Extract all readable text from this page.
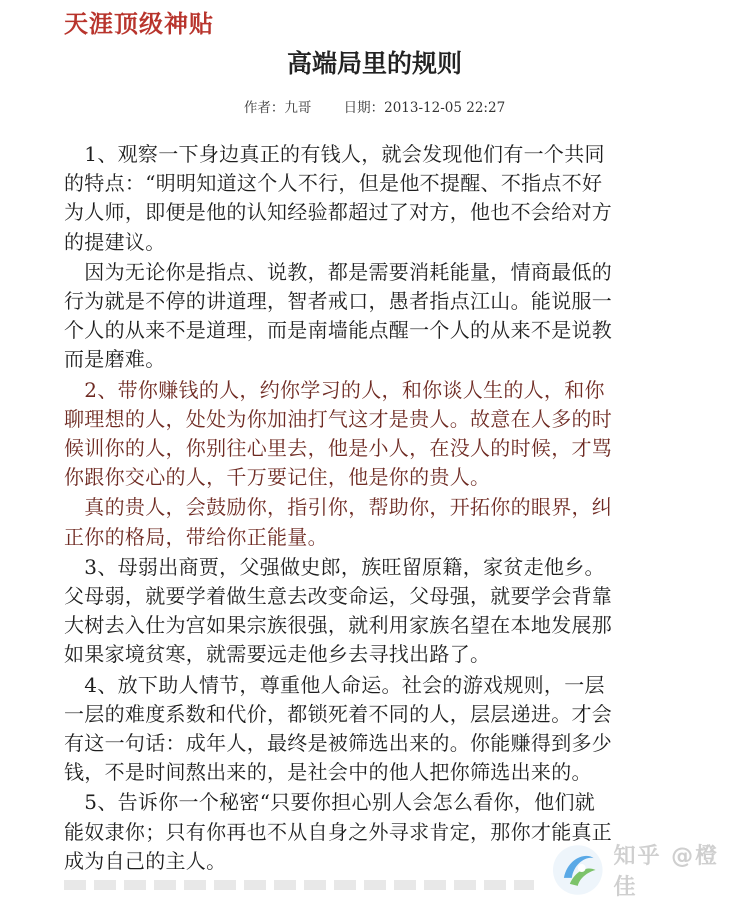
天涯顶级神贴
高端局里的规则
作者：九哥 日期：2013-12-05 22:27

　1、观察一下身边真正的有钱人，就会发现他们有一个共同
的特点：“明明知道这个人不行，但是他不提醒、不指点不好
为人师，即便是他的认知经验都超过了对方，他也不会给对方
的提建议。

　因为无论你是指点、说教，都是需要消耗能量，情商最低的
行为就是不停的讲道理，智者戒口，愚者指点江山。能说服一
个人的从来不是道理，而是南墙能点醒一个人的从来不是说教
而是磨难。

　2、带你赚钱的人，约你学习的人，和你谈人生的人，和你
聊理想的人，处处为你加油打气这才是贵人。故意在人多的时
候训你的人，你别往心里去，他是小人，在没人的时候，才骂
你跟你交心的人，千万要记住，他是你的贵人。

　真的贵人，会鼓励你，指引你，帮助你，开拓你的眼界，纠
正你的格局，带给你正能量。

　3、母弱出商贾，父强做史郎，族旺留原籍，家贫走他乡。
父母弱，就要学着做生意去改变命运，父母强，就要学会背靠
大树去入仕为宫如果宗族很强，就利用家族名望在本地发展那
如果家境贫寒，就需要远走他乡去寻找出路了。

　4、放下助人情节，尊重他人命运。社会的游戏规则，一层
一层的难度系数和代价，都锁死着不同的人，层层递进。才会
有这一句话：成年人，最终是被筛选出来的。你能赚得到多少
钱，不是时间熬出来的，是社会中的他人把你筛选出来的。

　5、告诉你一个秘密“只要你担心别人会怎么看你，他们就
能奴隶你；只有你再也不从自身之外寻求肯定，那你才能真正
成为自己的主人。	知乎 @橙佳
